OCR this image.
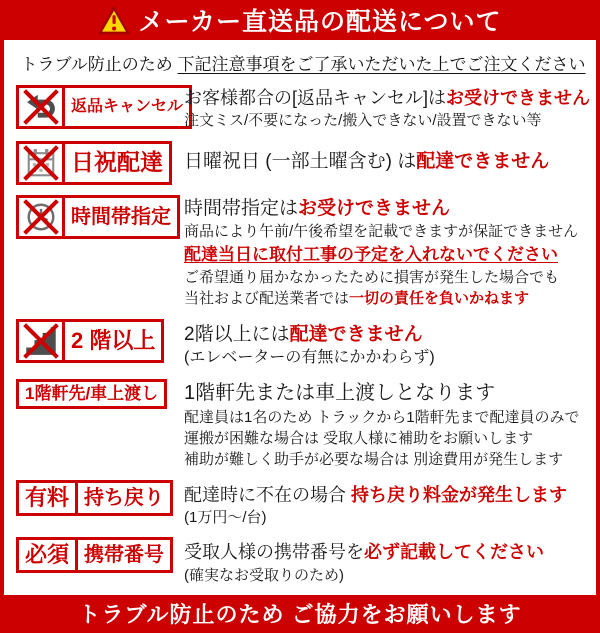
メーカー直送品の配送について
トラブル防止のため 下記注意事項をご了承いただいた上でご注文ください
返品キャンセル お客様都合の[返品キャンセル]はお受けできません
注文ミス/不要になった/搬入できない/設置できない等
日祝配達	日曜祝日 (一部土曜含む) は配達できません
時間帯指定 時間帯指定はお受けできません
商品により午前/午後希望を記載できますが保証できません
配達当日に取付工事の予定を入れないでください
ご希望通り届かなかったために損害が発生した場合でも
当社および配送業者では一切の責任を負いかねます
2 階以上	2階以上には配達できません
(エレベーターの有無にかかわらず)
1階軒先/車上渡し	1階軒先または車上渡しとなります
配達員は1名のため トラックから1階軒先まで配達員のみで
運搬が困難な場合は 受取人様に補助をお願いします
補助が難しく助手が必要な場合は 別途費用が発生します
有料 持ち戻り	配達時に不在の場合 持ち戻り料金が発生します
(1万円～/台)
必須 携帯番号	受取人様の携帯番号を必ず記載してください
(確実なお受取りのため)
トラブル防止のため ご協力をお願いします
